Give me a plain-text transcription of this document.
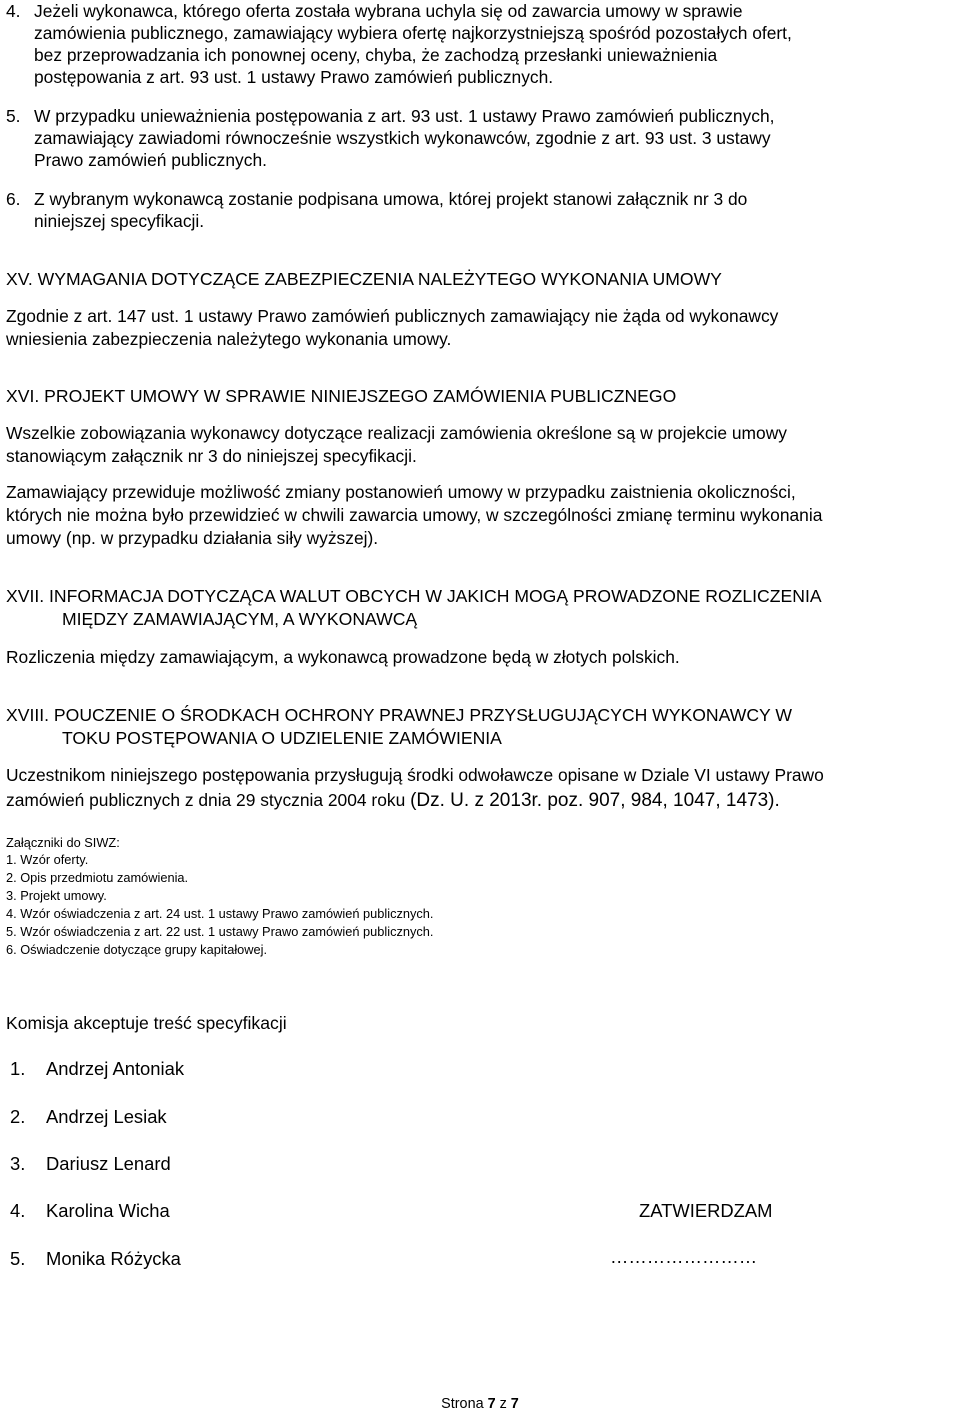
4. Jeżeli wykonawca, którego oferta została wybrana uchyla się od zawarcia umowy w sprawie
zamówienia publicznego, zamawiający wybiera ofertę najkorzystniejszą spośród pozostałych ofert,
bez przeprowadzania ich ponownej oceny, chyba, że zachodzą przesłanki unieważnienia
postępowania z art. 93 ust. 1 ustawy Prawo zamówień publicznych.
5. W przypadku unieważnienia postępowania z art. 93 ust. 1 ustawy Prawo zamówień publicznych,
zamawiający zawiadomi równocześnie wszystkich wykonawców, zgodnie z art. 93 ust. 3 ustawy
Prawo zamówień publicznych.
6. Z wybranym wykonawcą zostanie podpisana umowa, której projekt stanowi załącznik nr 3 do
niniejszej specyfikacji.
XV. WYMAGANIA DOTYCZĄCE ZABEZPIECZENIA NALEŻYTEGO WYKONANIA UMOWY
Zgodnie z art. 147 ust. 1 ustawy Prawo zamówień publicznych zamawiający nie żąda od wykonawcy
wniesienia zabezpieczenia należytego wykonania umowy.
XVI. PROJEKT UMOWY W SPRAWIE NINIEJSZEGO ZAMÓWIENIA PUBLICZNEGO
Wszelkie zobowiązania wykonawcy dotyczące realizacji zamówienia określone są w projekcie umowy
stanowiącym załącznik nr 3 do niniejszej specyfikacji.
Zamawiający przewiduje możliwość zmiany postanowień umowy w przypadku zaistnienia okoliczności,
których nie można było przewidzieć w chwili zawarcia umowy, w szczególności zmianę terminu wykonania
umowy (np. w przypadku działania siły wyższej).
XVII. INFORMACJA DOTYCZĄCA WALUT OBCYCH W JAKICH MOGĄ PROWADZONE ROZLICZENIA
MIĘDZY ZAMAWIAJĄCYM, A WYKONAWCĄ
Rozliczenia między zamawiającym, a wykonawcą prowadzone będą w złotych polskich.
XVIII. POUCZENIE O ŚRODKACH OCHRONY PRAWNEJ PRZYSŁUGUJĄCYCH WYKONAWCY W
TOKU POSTĘPOWANIA O UDZIELENIE ZAMÓWIENIA
Uczestnikom niniejszego postępowania przysługują środki odwoławcze opisane w Dziale VI ustawy Prawo
zamówień publicznych z dnia 29 stycznia 2004 roku (Dz. U. z 2013r. poz. 907, 984, 1047, 1473).
Załączniki do SIWZ:
1. Wzór oferty.
2. Opis przedmiotu zamówienia.
3. Projekt umowy.
4. Wzór oświadczenia z art. 24 ust. 1 ustawy Prawo zamówień publicznych.
5. Wzór oświadczenia z art. 22 ust. 1 ustawy Prawo zamówień publicznych.
6. Oświadczenie dotyczące grupy kapitałowej.
Komisja akceptuje treść specyfikacji
1. Andrzej Antoniak
2. Andrzej Lesiak
3. Dariusz Lenard
4. Karolina Wicha
5. Monika Różycka
ZATWIERDZAM
……………………
Strona 7 z 7
